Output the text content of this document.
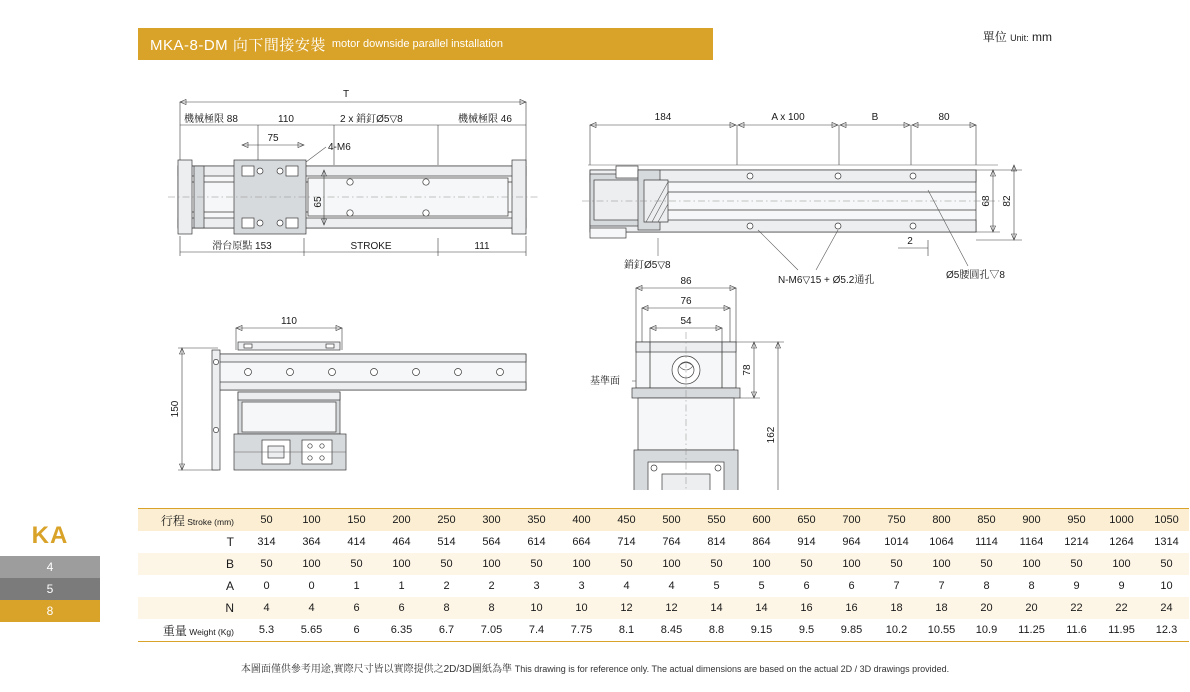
MKA-8-DM 向下間接安裝 motor downside parallel installation	單位 Unit: mm
KA
4
5
8
T
機械極限 88	110	2 x 銷釘Ø5▽8	機械極限 46
75
4-M6
65
滑台原點 153	STROKE	111
184	A x 100	B	80
68 82
2
銷釘Ø5▽8
N-M6▽15 + Ø5.2通孔	Ø5腰圓孔▽8
110
150
86
76
54
78
162
基準面
行程 Stroke (mm)	50	100	150	200	250	300	350	400	450	500	550	600	650	700	750	800	850	900	950	1000	1050
T	314	364	414	464	514	564	614	664	714	764	814	864	914	964	1014	1064	1114	1164	1214	1264	1314
B	50	100	50	100	50	100	50	100	50	100	50	100	50	100	50	100	50	100	50	100	50
A	0	0	1	1	2	2	3	3	4	4	5	5	6	6	7	7	8	8	9	9	10
N	4	4	6	6	8	8	10	10	12	12	14	14	16	16	18	18	20	20	22	22	24
重量 Weight (Kg)	5.3	5.65	6	6.35	6.7	7.05	7.4	7.75	8.1	8.45	8.8	9.15	9.5	9.85	10.2	10.55	10.9	11.25	11.6	11.95	12.3
本圖面僅供參考用途,實際尺寸皆以實際提供之2D/3D圖紙為準 This drawing is for reference only. The actual dimensions are based on the actual 2D / 3D drawings provided.
